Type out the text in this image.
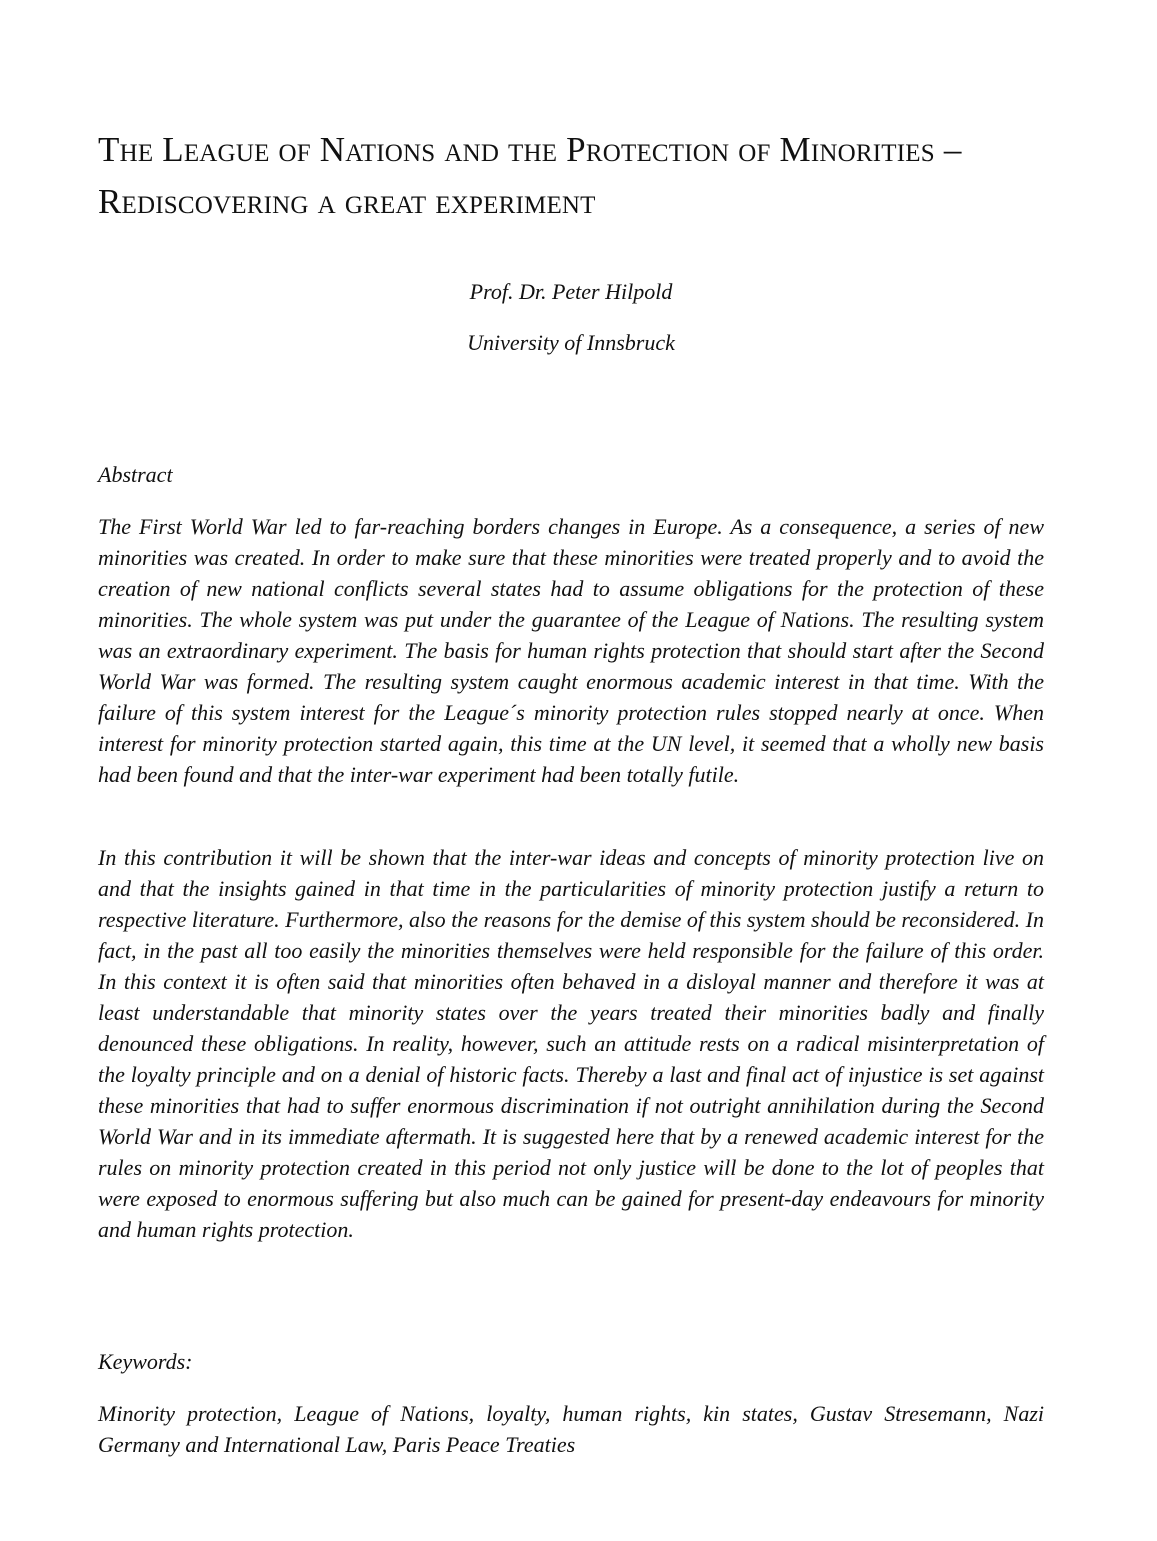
The League of Nations and the Protection of Minorities –
Rediscovering a great experiment
Prof. Dr. Peter Hilpold
University of Innsbruck
Abstract

The First World War led to far-reaching borders changes in Europe. As a consequence, a series of new minorities was created. In order to make sure that these minorities were treated properly and to avoid the creation of new national conflicts several states had to assume obligations for the protection of these minorities. The whole system was put under the guarantee of the League of Nations. The resulting system was an extraordinary experiment. The basis for human rights protection that should start after the Second World War was formed. The resulting system caught enormous academic interest in that time. With the failure of this system interest for the League´s minority protection rules stopped nearly at once. When interest for minority protection started again, this time at the UN level, it seemed that a wholly new basis had been found and that the inter-war experiment had been totally futile.

In this contribution it will be shown that the inter-war ideas and concepts of minority protection live on and that the insights gained in that time in the particularities of minority protection justify a return to respective literature. Furthermore, also the reasons for the demise of this system should be reconsidered. In fact, in the past all too easily the minorities themselves were held responsible for the failure of this order. In this context it is often said that minorities often behaved in a disloyal manner and therefore it was at least understandable that minority states over the years treated their minorities badly and finally denounced these obligations. In reality, however, such an attitude rests on a radical misinterpretation of the loyalty principle and on a denial of historic facts. Thereby a last and final act of injustice is set against these minorities that had to suffer enormous discrimination if not outright annihilation during the Second World War and in its immediate aftermath. It is suggested here that by a renewed academic interest for the rules on minority protection created in this period not only justice will be done to the lot of peoples that were exposed to enormous suffering but also much can be gained for present-day endeavours for minority and human rights protection.

Keywords:

Minority protection, League of Nations, loyalty, human rights, kin states, Gustav Stresemann, Nazi Germany and International Law, Paris Peace Treaties
